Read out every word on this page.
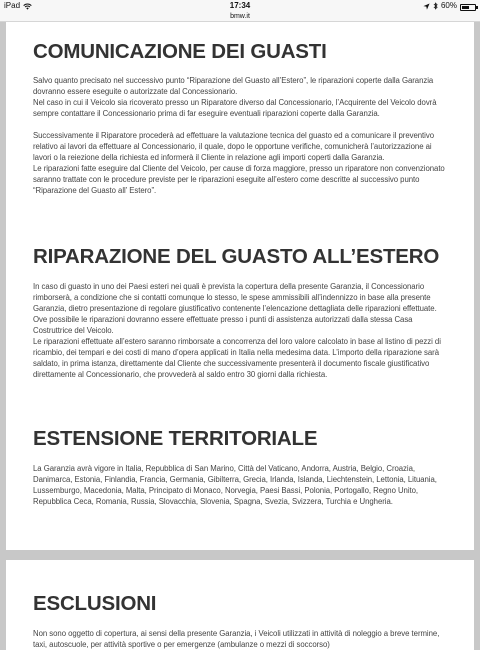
iPad	17:34	60%
bmw.it
COMUNICAZIONE DEI GUASTI

Salvo quanto precisato nel successivo punto “Riparazione del Guasto all’Estero”, le riparazioni coperte dalla Garanzia dovranno essere eseguite o autorizzate dal Concessionario.

Nel caso in cui il Veicolo sia ricoverato presso un Riparatore diverso dal Concessionario, l’Acquirente del Veicolo dovrà sempre contattare il Concessionario prima di far eseguire eventuali riparazioni coperte dalla Garanzia.

Successivamente il Riparatore procederà ad effettuare la valutazione tecnica del guasto ed a comunicare il preventivo relativo ai lavori da effettuare al Concessionario, il quale, dopo le opportune verifiche, comunicherà l’autorizzazione ai lavori o la reiezione della richiesta ed informerà il Cliente in relazione agli importi coperti dalla Garanzia.

Le riparazioni fatte eseguire dal Cliente del Veicolo, per cause di forza maggiore, presso un riparatore non convenzionato saranno trattate con le procedure previste per le riparazioni eseguite all’estero come descritte al successivo punto “Riparazione del Guasto all’ Estero”.

RIPARAZIONE DEL GUASTO ALL’ESTERO

In caso di guasto in uno dei Paesi esteri nei quali è prevista la copertura della presente Garanzia, il Concessionario rimborserà, a condizione che si contatti comunque lo stesso, le spese ammissibili all’indennizzo in base alla presente Garanzia, dietro presentazione di regolare giustificativo contenente l’elencazione dettagliata delle riparazioni effettuate.

Ove possibile le riparazioni dovranno essere effettuate presso i punti di assistenza autorizzati dalla stessa Casa Costruttrice del Veicolo.

Le riparazioni effettuate all’estero saranno rimborsate a concorrenza del loro valore calcolato in base al listino di pezzi di ricambio, dei tempari e dei costi di mano d’opera applicati in Italia nella medesima data. L’importo della riparazione sarà saldato, in prima istanza, direttamente dal Cliente che successivamente presenterà il documento fiscale giustificativo direttamente al Concessionario, che provvederà al saldo entro 30 giorni dalla richiesta.

ESTENSIONE TERRITORIALE

La Garanzia avrà vigore in Italia, Repubblica di San Marino, Città del Vaticano, Andorra, Austria, Belgio, Croazia, Danimarca, Estonia, Finlandia, Francia, Germania, Gibilterra, Grecia, Irlanda, Islanda, Liechtenstein, Lettonia, Lituania, Lussemburgo, Macedonia, Malta, Principato di Monaco, Norvegia, Paesi Bassi, Polonia, Portogallo, Regno Unito, Repubblica Ceca, Romania, Russia, Slovacchia, Slovenia, Spagna, Svezia, Svizzera, Turchia e Ungheria.

ESCLUSIONI

Non sono oggetto di copertura, ai sensi della presente Garanzia, i Veicoli utilizzati in attività di noleggio a breve termine, taxi, autoscuole, per attività sportive o per emergenze (ambulanze o mezzi di soccorso)
